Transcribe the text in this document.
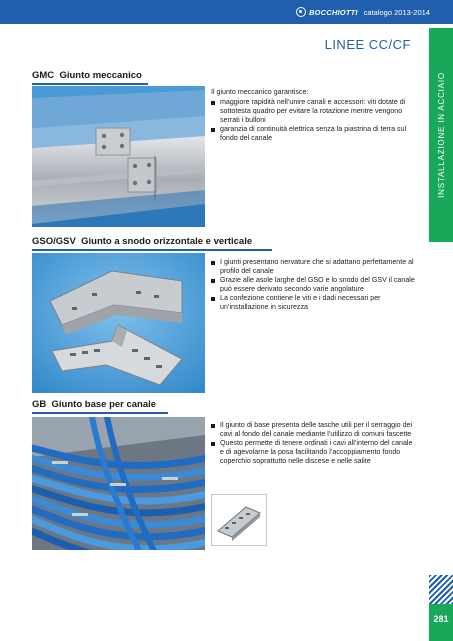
BOCCHIOTTI catalogo 2013-2014
LINEE CC/CF
INSTALLAZIONE IN ACCIAIO
281
GMC Giunto meccanico

Il giunto meccanico garantisce:

maggiore rapidità nell’unire canali e accessori: viti dotate di sottotesta quadro per evitare la rotazione mentre vengono serrati i bulloni
garanzia di continuità elettrica senza la piastrina di terra sul fondo del canale
GSO/GSV Giunto a snodo orizzontale e verticale
I giunti presentano nervature che si adattano perfettamente al profilo del canale
Grazie alle asole larghe del GSO e lo snodo del GSV il canale può essere derivato secondo varie angolature
La confezione contiene le viti e i dadi necessari per un’installazione in sicurezza
GB Giunto base per canale
Il giunto di base presenta delle tasche utili per il serraggio dei cavi al fondo del canale mediante l’utilizzo di comuni fascette
Questo permette di tenere ordinati i cavi all’interno del canale e di agevolarne la posa facilitando l’accoppiamento fondo coperchio soprattutto nelle discese e nelle salite
